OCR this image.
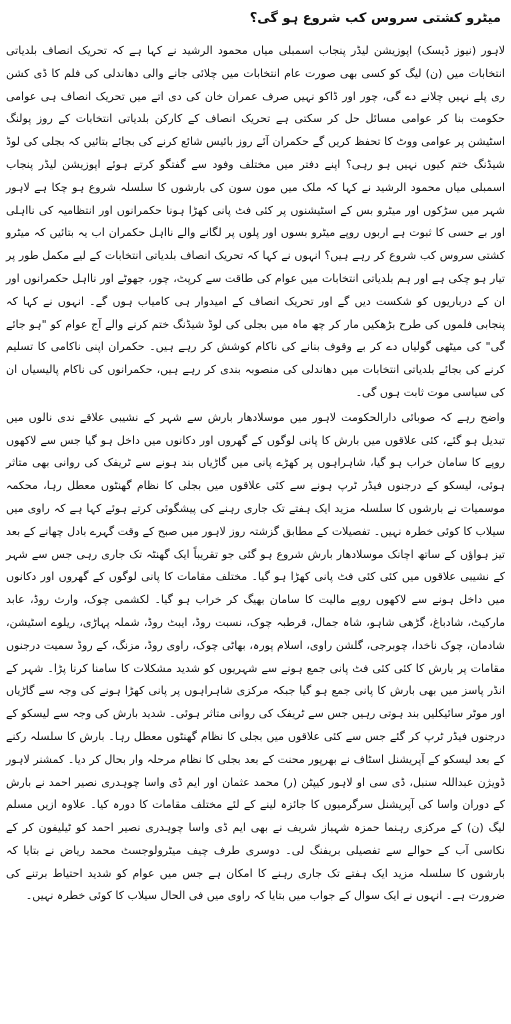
میٹرو کشتی سروس کب شروع ہو گی؟

لاہور (نیوز ڈیسک) اپوزیشن لیڈر پنجاب اسمبلی میاں محمود الرشید نے کہا ہے کہ تحریک انصاف بلدیاتی انتخابات میں (ن) لیگ کو کسی بھی صورت عام انتخابات میں چلائی جانے والی دھاندلی کی فلم کا ڈی کشن ری پلے نہیں چلانے دے گی، چور اور ڈاکو نہیں صرف عمران خان کی دی اتے میں تحریک انصاف ہی عوامی حکومت بنا کر عوامی مسائل حل کر سکتی ہے تحریک انصاف کے کارکن بلدیاتی انتخابات کے روز پولنگ اسٹیشن پر عوامی ووٹ کا تحفظ کریں گے حکمران آئے روز بائیس شائع کرنے کی بجائے بتائیں کہ بجلی کی لوڈ شیڈنگ ختم کیوں نہیں ہو رہی؟ اپنے دفتر میں مختلف وفود سے گفتگو کرتے ہوئے اپوزیشن لیڈر پنجاب اسمبلی میاں محمود الرشید نے کہا کہ ملک میں مون سون کی بارشوں کا سلسلہ شروع ہو چکا ہے لاہور شہر میں سڑکوں اور میٹرو بس کے اسٹیشنوں پر کئی فٹ پانی کھڑا ہونا حکمرانوں اور انتظامیہ کی نااہلی اور بے حسی کا ثبوت ہے اربوں روپے میٹرو بسوں اور پلوں پر لگانے والے نااہل حکمران اب یہ بتائیں کہ میٹرو کشتی سروس کب شروع کر رہے ہیں؟ انہوں نے کہا کہ تحریک انصاف بلدیاتی انتخابات کے لیے مکمل طور پر تیار ہو چکی ہے اور ہم بلدیاتی انتخابات میں عوام کی طاقت سے کرپٹ، چور، جھوٹے اور نااہل حکمرانوں اور ان کے درباریوں کو شکست دیں گے اور تحریک انصاف کے امیدوار ہی کامیاب ہوں گے۔ انہوں نے کہا کہ پنجابی فلموں کی طرح بڑھکیں مار کر چھ ماہ میں بجلی کی لوڈ شیڈنگ ختم کرنے والے آج عوام کو "ہو جائے گی" کی میٹھی گولیاں دے کر بے وقوف بنانے کی ناکام کوشش کر رہے ہیں۔ حکمران اپنی ناکامی کا تسلیم کرنے کی بجائے بلدیاتی انتخابات میں دھاندلی کی منصوبہ بندی کر رہے ہیں، حکمرانوں کی ناکام پالیسیاں ان کی سیاسی موت ثابت ہوں گی۔

واضح رہے کہ صوبائی دارالحکومت لاہور میں موسلادھار بارش سے شہر کے نشیبی علاقے ندی نالوں میں تبدیل ہو گئے، کئی علاقوں میں بارش کا پانی لوگوں کے گھروں اور دکانوں میں داخل ہو گیا جس سے لاکھوں روپے کا سامان خراب ہو گیا، شاہراہوں پر کھڑے پانی میں گاڑیاں بند ہونے سے ٹریفک کی روانی بھی متاثر ہوئی، لیسکو کے درجنوں فیڈر ٹرپ ہونے سے کئی علاقوں میں بجلی کا نظام گھنٹوں معطل رہا، محکمہ موسمیات نے بارشوں کا سلسلہ مزید ایک ہفتے تک جاری رہنے کی پیشگوئی کرتے ہوئے کہا ہے کہ راوی میں سیلاب کا کوئی خطرہ نہیں۔ تفصیلات کے مطابق گزشتہ روز لاہور میں صبح کے وقت گہرے بادل چھانے کے بعد تیز ہواؤں کے ساتھ اچانک موسلادھار بارش شروع ہو گئی جو تقریباً ایک گھنٹہ تک جاری رہی جس سے شہر کے نشیبی علاقوں میں کئی کئی فٹ پانی کھڑا ہو گیا۔ مختلف مقامات کا پانی لوگوں کے گھروں اور دکانوں میں داخل ہونے سے لاکھوں روپے مالیت کا سامان بھیگ کر خراب ہو گیا۔ لکشمی چوک، وارث روڈ، عابد مارکیٹ، شادباغ، گڑھی شاہو، شاہ جمال، قرطبہ چوک، نسبت روڈ، ایبٹ روڈ، شملہ پہاڑی، ریلوے اسٹیشن، شادمان، چوک ناخدا، چوبرجی، گلشن راوی، اسلام پورہ، بھاٹی چوک، راوی روڈ، مزنگ، کے روڈ سمیت درجنوں مقامات پر بارش کا کئی کئی فٹ پانی جمع ہونے سے شہریوں کو شدید مشکلات کا سامنا کرنا پڑا۔ شہر کے انڈر پاسز میں بھی بارش کا پانی جمع ہو گیا جبکہ مرکزی شاہراہوں پر پانی کھڑا ہونے کی وجہ سے گاڑیاں اور موٹر سائیکلیں بند ہوتی رہیں جس سے ٹریفک کی روانی متاثر ہوئی۔ شدید بارش کی وجہ سے لیسکو کے درجنوں فیڈر ٹرپ کر گئے جس سے کئی علاقوں میں بجلی کا نظام گھنٹوں معطل رہا۔ بارش کا سلسلہ رکنے کے بعد لیسکو کے آپریشنل اسٹاف نے بھرپور محنت کے بعد بجلی کا نظام مرحلہ وار بحال کر دیا۔ کمشنر لاہور ڈویژن عبداللہ سنبل، ڈی سی او لاہور کیپٹن (ر) محمد عثمان اور ایم ڈی واسا چوہدری نصیر احمد نے بارش کے دوران واسا کی آپریشنل سرگرمیوں کا جائزہ لینے کے لئے مختلف مقامات کا دورہ کیا۔ علاوہ ازیں مسلم لیگ (ن) کے مرکزی رہنما حمزہ شہباز شریف نے بھی ایم ڈی واسا چوہدری نصیر احمد کو ٹیلیفون کر کے نکاسی آب کے حوالے سے تفصیلی بریفنگ لی۔ دوسری طرف چیف میٹرولوجسٹ محمد ریاض نے بتایا کہ بارشوں کا سلسلہ مزید ایک ہفتے تک جاری رہنے کا امکان ہے جس میں عوام کو شدید احتیاط برتنے کی ضرورت ہے۔ انہوں نے ایک سوال کے جواب میں بتایا کہ راوی میں فی الحال سیلاب کا کوئی خطرہ نہیں۔
